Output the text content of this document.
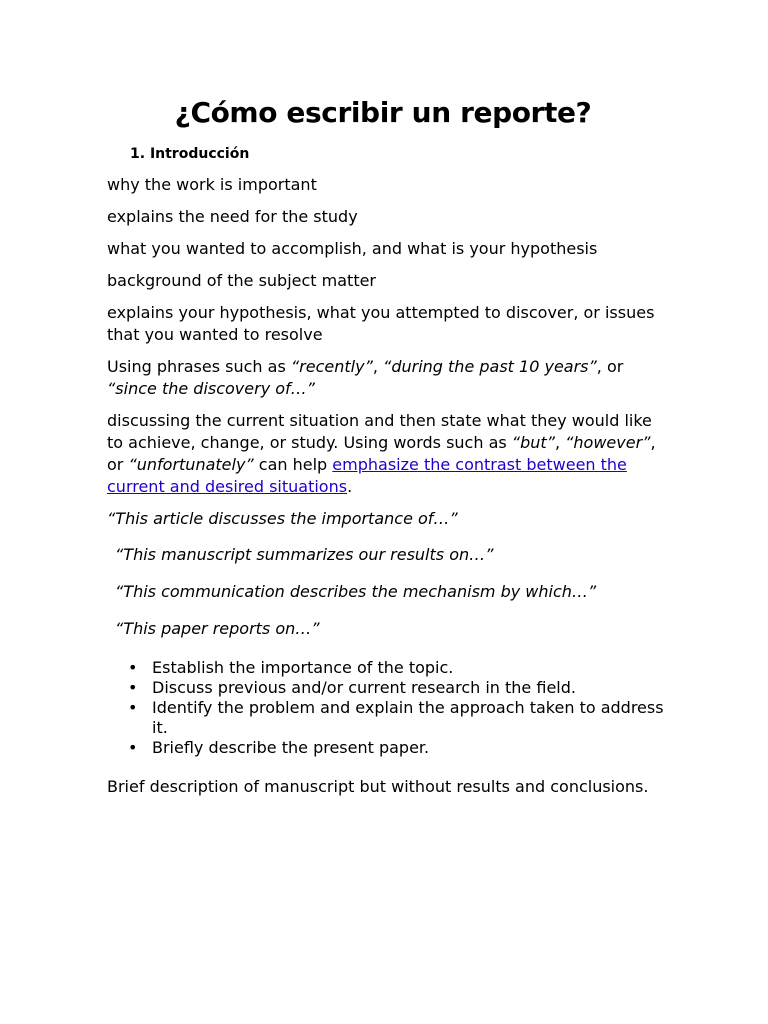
¿Cómo escribir un reporte?
1. Introducción

why the work is important

explains the need for the study

what you wanted to accomplish, and what is your hypothesis

background of the subject matter

explains your hypothesis, what you attempted to discover, or issues that you wanted to resolve

Using phrases such as “recently”, “during the past 10 years”, or “since the discovery of…”

discussing the current situation and then state what they would like to achieve, change, or study. Using words such as “but”, “however”, or “unfortunately” can help emphasize the contrast between the current and desired situations.

“This article discusses the importance of…”

“This manuscript summarizes our results on…”

“This communication describes the mechanism by which…”

“This paper reports on…”

• Establish the importance of the topic.
• Discuss previous and/or current research in the field.
• Identify the problem and explain the approach taken to address it.
• Briefly describe the present paper.

Brief description of manuscript but without results and conclusions.
